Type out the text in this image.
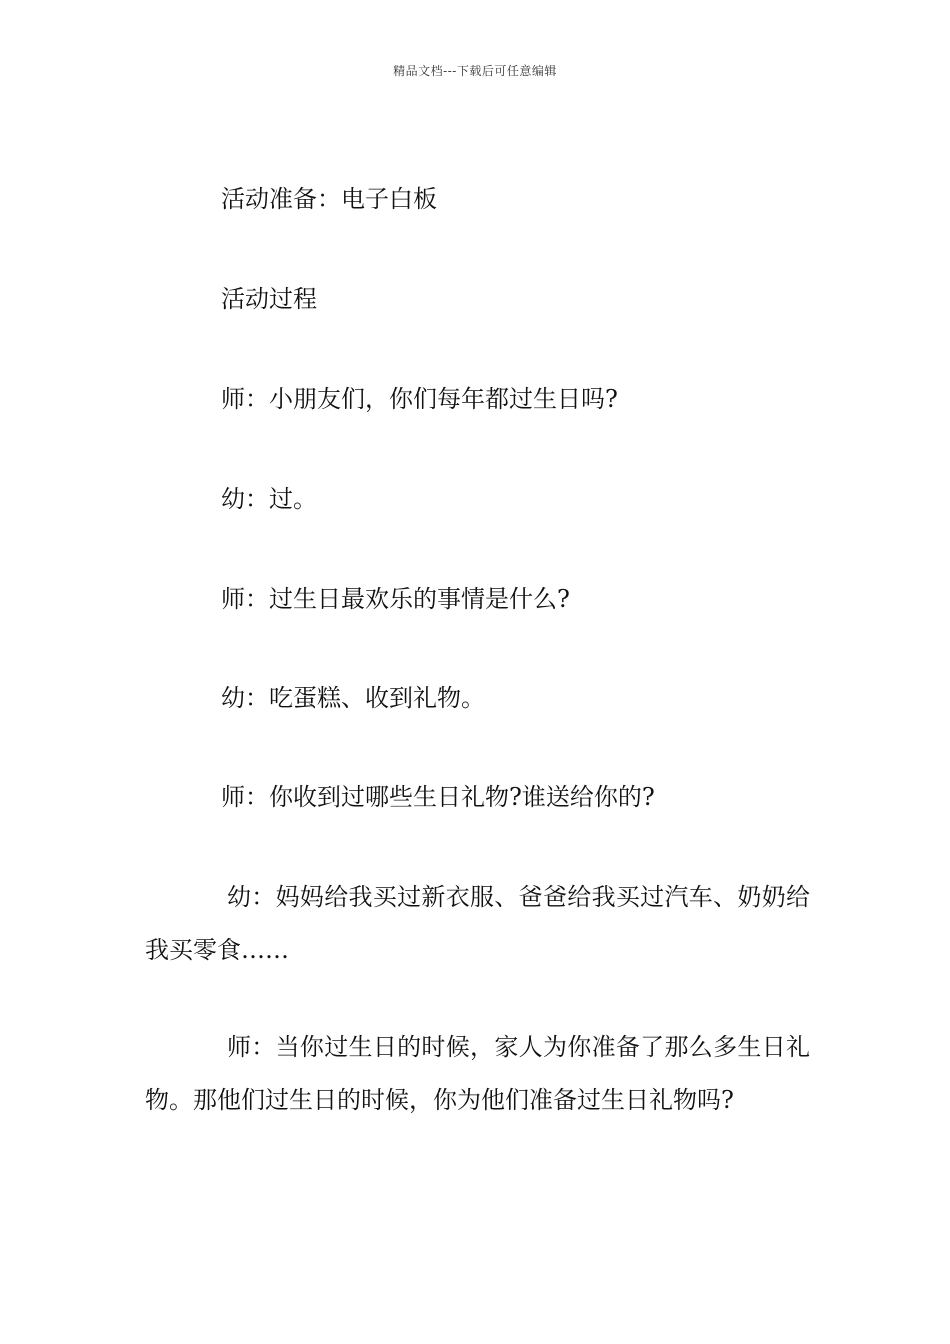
精品文档---下载后可任意编辑
活动准备：电子白板
活动过程
师：小朋友们，你们每年都过生日吗?
幼：过。
师：过生日最欢乐的事情是什么?
幼：吃蛋糕、收到礼物。
师：你收到过哪些生日礼物?谁送给你的?
幼：妈妈给我买过新衣服、爸爸给我买过汽车、奶奶给我买零食……
师：当你过生日的时候，家人为你准备了那么多生日礼物。那他们过生日的时候，你为他们准备过生日礼物吗?
